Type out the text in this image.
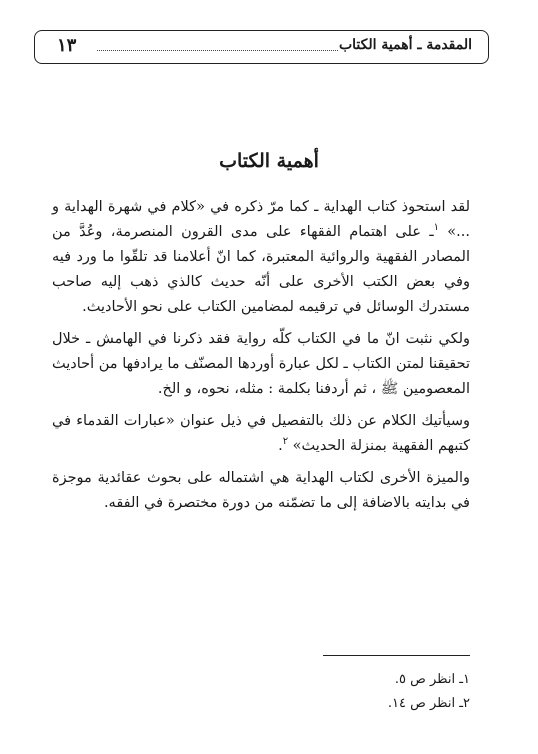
المقدمة ـ أهمية الكتاب
١٣
أهمية الكتاب

لقد استحوذ كتاب الهداية ـ كما مرّ ذكره في «كلام في شهرة الهداية و ...» $^١$ـ على اهتمام الفقهاء على مدى القرون المنصرمة، وعُدَّ من المصادر الفقهية والروائية المعتبرة، كما انّ أعلامنا قد تلقّوا ما ورد فيه وفي بعض الكتب الأخرى على أنّه حديث كالذي ذهب إليه صاحب مستدرك الوسائل في ترقيمه لمضامين الكتاب على نحو الأحاديث.

ولكي نثبت انّ ما في الكتاب كلّه رواية فقد ذكرنا في الهامش ـ خلال تحقيقنا لمتن الكتاب ـ لكل عبارة أوردها المصنّف ما يرادفها من أحاديث المعصومين ﷺ ، ثم أردفنا بكلمة : مثله، نحوه، و الخ.

وسيأتيك الكلام عن ذلك بالتفصيل في ذيل عنوان «عبارات القدماء في كتبهم الفقهية بمنزلة الحديث» $^٢$.

والميزة الأخرى لكتاب الهداية هي اشتماله على بحوث عقائدية موجزة في بدايته بالاضافة إلى ما تضمّنه من دورة مختصرة في الفقه.

١ـ انظر ص ٥.

٢ـ انظر ص ١٤.
